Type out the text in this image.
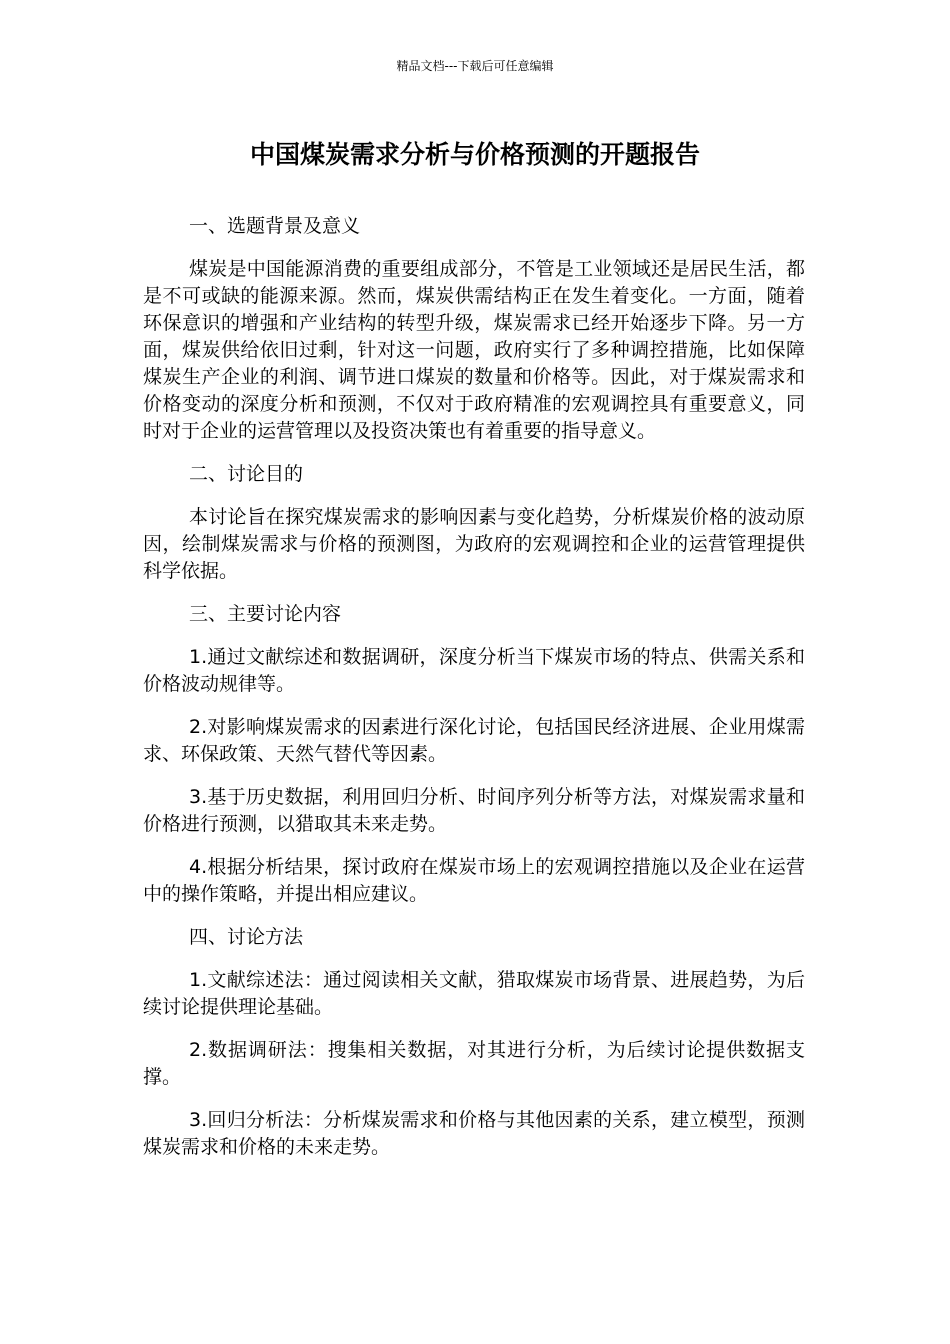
精品文档---下载后可任意编辑
中国煤炭需求分析与价格预测的开题报告

一、选题背景及意义

煤炭是中国能源消费的重要组成部分，不管是工业领域还是居民生活，都是不可或缺的能源来源。然而，煤炭供需结构正在发生着变化。一方面，随着环保意识的增强和产业结构的转型升级，煤炭需求已经开始逐步下降。另一方面，煤炭供给依旧过剩，针对这一问题，政府实行了多种调控措施，比如保障煤炭生产企业的利润、调节进口煤炭的数量和价格等。因此，对于煤炭需求和价格变动的深度分析和预测，不仅对于政府精准的宏观调控具有重要意义，同时对于企业的运营管理以及投资决策也有着重要的指导意义。

二、讨论目的

本讨论旨在探究煤炭需求的影响因素与变化趋势，分析煤炭价格的波动原因，绘制煤炭需求与价格的预测图，为政府的宏观调控和企业的运营管理提供科学依据。

三、主要讨论内容

1.通过文献综述和数据调研，深度分析当下煤炭市场的特点、供需关系和价格波动规律等。

2.对影响煤炭需求的因素进行深化讨论，包括国民经济进展、企业用煤需求、环保政策、天然气替代等因素。

3.基于历史数据，利用回归分析、时间序列分析等方法，对煤炭需求量和价格进行预测，以猎取其未来走势。

4.根据分析结果，探讨政府在煤炭市场上的宏观调控措施以及企业在运营中的操作策略，并提出相应建议。

四、讨论方法

1.文献综述法：通过阅读相关文献，猎取煤炭市场背景、进展趋势，为后续讨论提供理论基础。

2.数据调研法：搜集相关数据，对其进行分析，为后续讨论提供数据支撑。

3.回归分析法：分析煤炭需求和价格与其他因素的关系，建立模型，预测煤炭需求和价格的未来走势。
